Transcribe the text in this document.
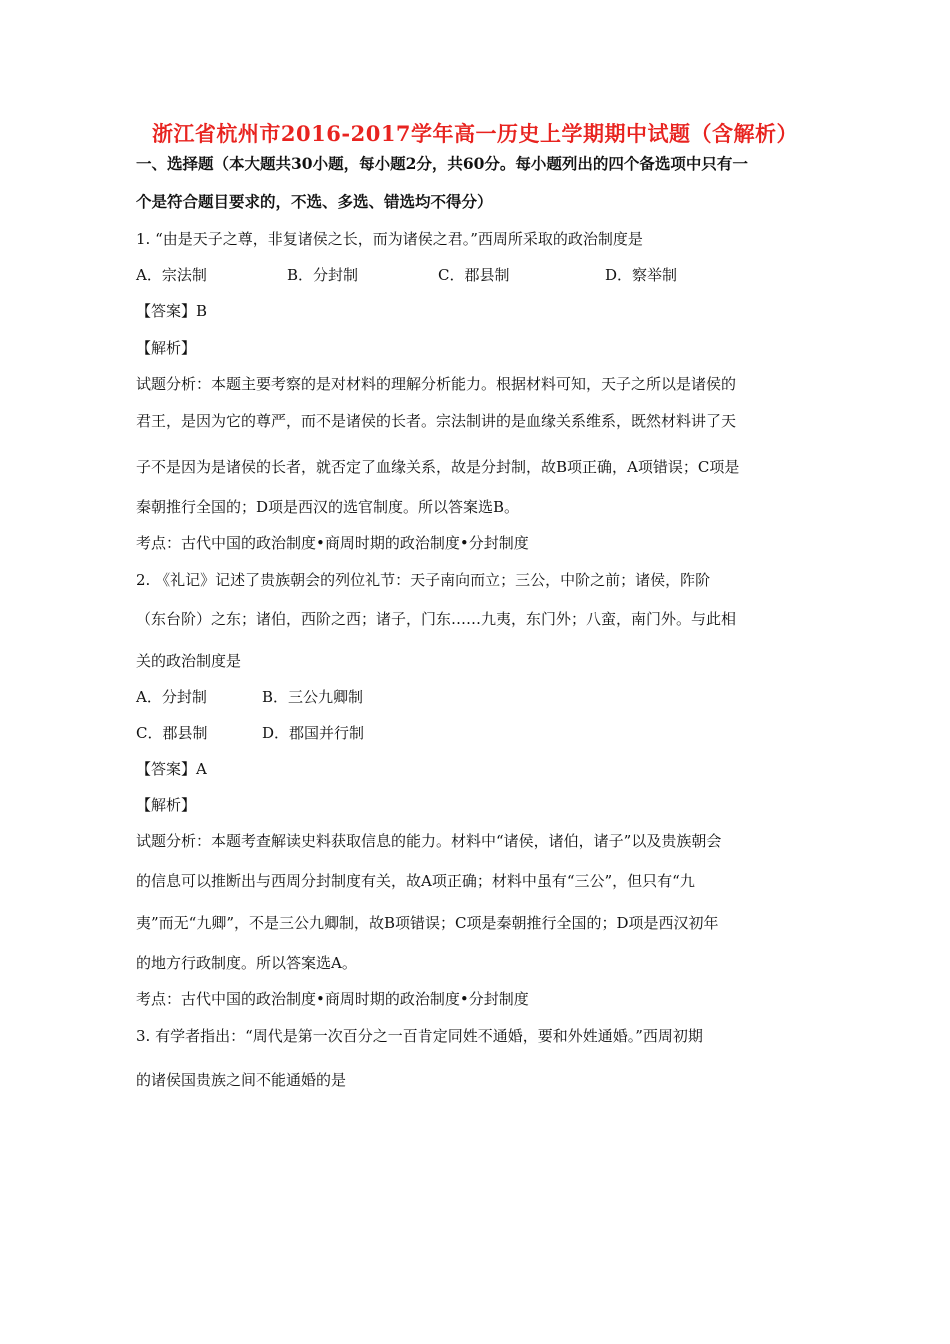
浙江省杭州市2016-2017学年高一历史上学期期中试题（含解析）
一、选择题（本大题共30小题，每小题2分，共60分。每小题列出的四个备选项中只有一
个是符合题目要求的，不选、多选、错选均不得分）
1. “由是天子之尊，非复诸侯之长，而为诸侯之君。”西周所采取的政治制度是
A．宗法制	B．分封制	C．郡县制	D．察举制
【答案】B
【解析】
试题分析：本题主要考察的是对材料的理解分析能力。根据材料可知，天子之所以是诸侯的
君王，是因为它的尊严，而不是诸侯的长者。宗法制讲的是血缘关系维系，既然材料讲了天
子不是因为是诸侯的长者，就否定了血缘关系，故是分封制，故B项正确，A项错误；C项是
秦朝推行全国的；D项是西汉的选官制度。所以答案选B。
考点：古代中国的政治制度•商周时期的政治制度•分封制度
2. 《礼记》记述了贵族朝会的列位礼节：天子南向而立；三公，中阶之前；诸侯，阼阶
（东台阶）之东；诸伯，西阶之西；诸子，门东……九夷，东门外；八蛮，南门外。与此相
关的政治制度是
A．分封制	B．三公九卿制
C．郡县制	D．郡国并行制
【答案】A
【解析】
试题分析：本题考查解读史料获取信息的能力。材料中“诸侯，诸伯，诸子”以及贵族朝会
的信息可以推断出与西周分封制度有关，故A项正确；材料中虽有“三公”，但只有“九
夷”而无“九卿”，不是三公九卿制，故B项错误；C项是秦朝推行全国的；D项是西汉初年
的地方行政制度。所以答案选A。
考点：古代中国的政治制度•商周时期的政治制度•分封制度
3. 有学者指出：“周代是第一次百分之一百肯定同姓不通婚，要和外姓通婚。”西周初期
的诸侯国贵族之间不能通婚的是
